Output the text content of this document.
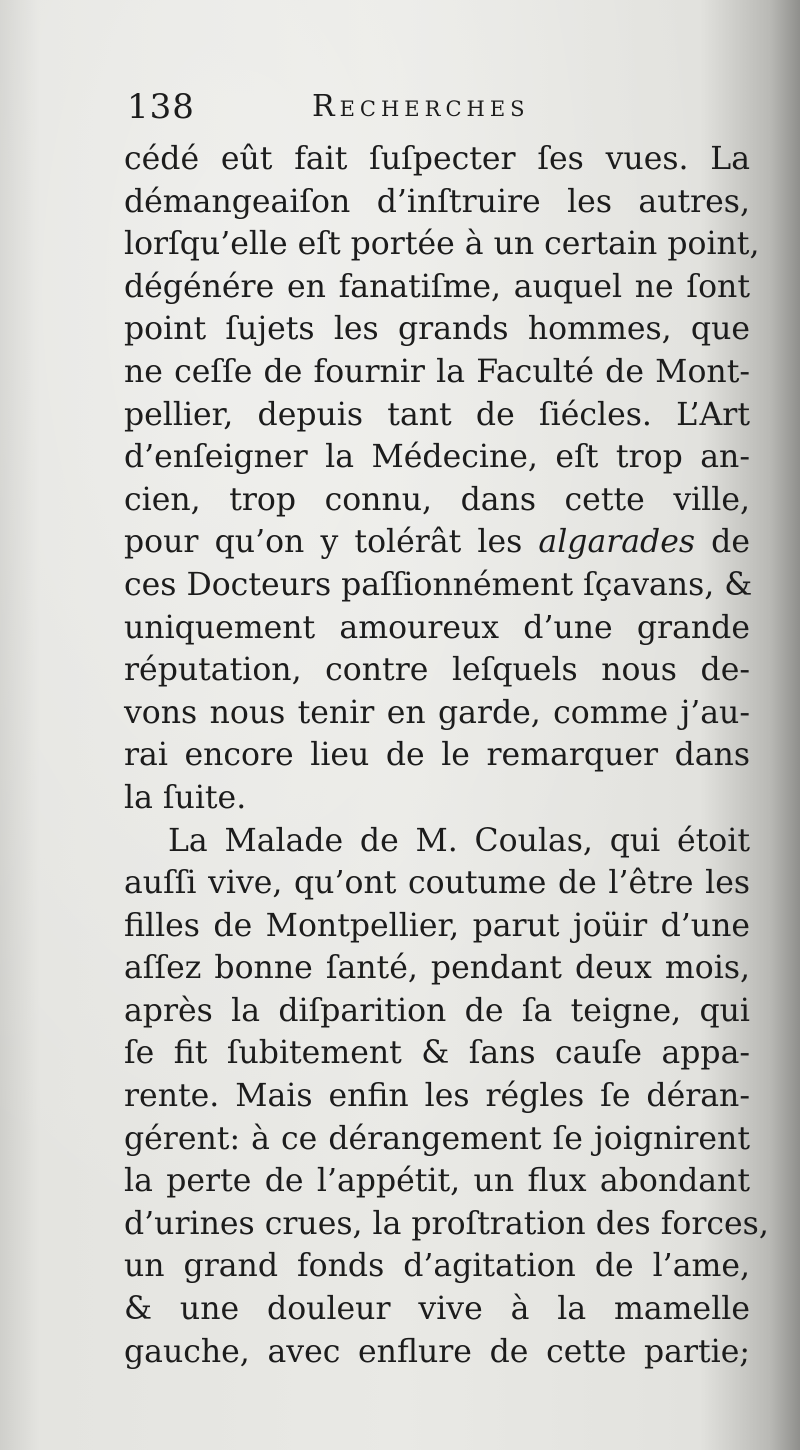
138	Recherches
cédé eût fait ſuſpecter ſes vues. La
démangeaiſon d’inſtruire les autres,
lorſqu’elle eſt portée à un certain point,
dégénére en fanatiſme, auquel ne ſont
point ſujets les grands hommes, que
ne ceſſe de fournir la Faculté de Mont-
pellier, depuis tant de ſiécles. L’Art
d’enſeigner la Médecine, eſt trop an-
cien, trop connu, dans cette ville,
pour qu’on y tolérât les algarades de
ces Docteurs paſſionnément ſçavans, &
uniquement amoureux d’une grande
réputation, contre leſquels nous de-
vons nous tenir en garde, comme j’au-
rai encore lieu de le remarquer dans
la ſuite.
La Malade de M. Coulas, qui étoit
auſſi vive, qu’ont coutume de l’être les
filles de Montpellier, parut joüir d’une
aſſez bonne ſanté, pendant deux mois,
après la diſparition de ſa teigne, qui
ſe fit ſubitement & ſans cauſe appa-
rente. Mais enfin les régles ſe déran-
gérent: à ce dérangement ſe joignirent
la perte de l’appétit, un flux abondant
d’urines crues, la proſtration des forces,
un grand fonds d’agitation de l’ame,
& une douleur vive à la mamelle
gauche, avec enflure de cette partie;
